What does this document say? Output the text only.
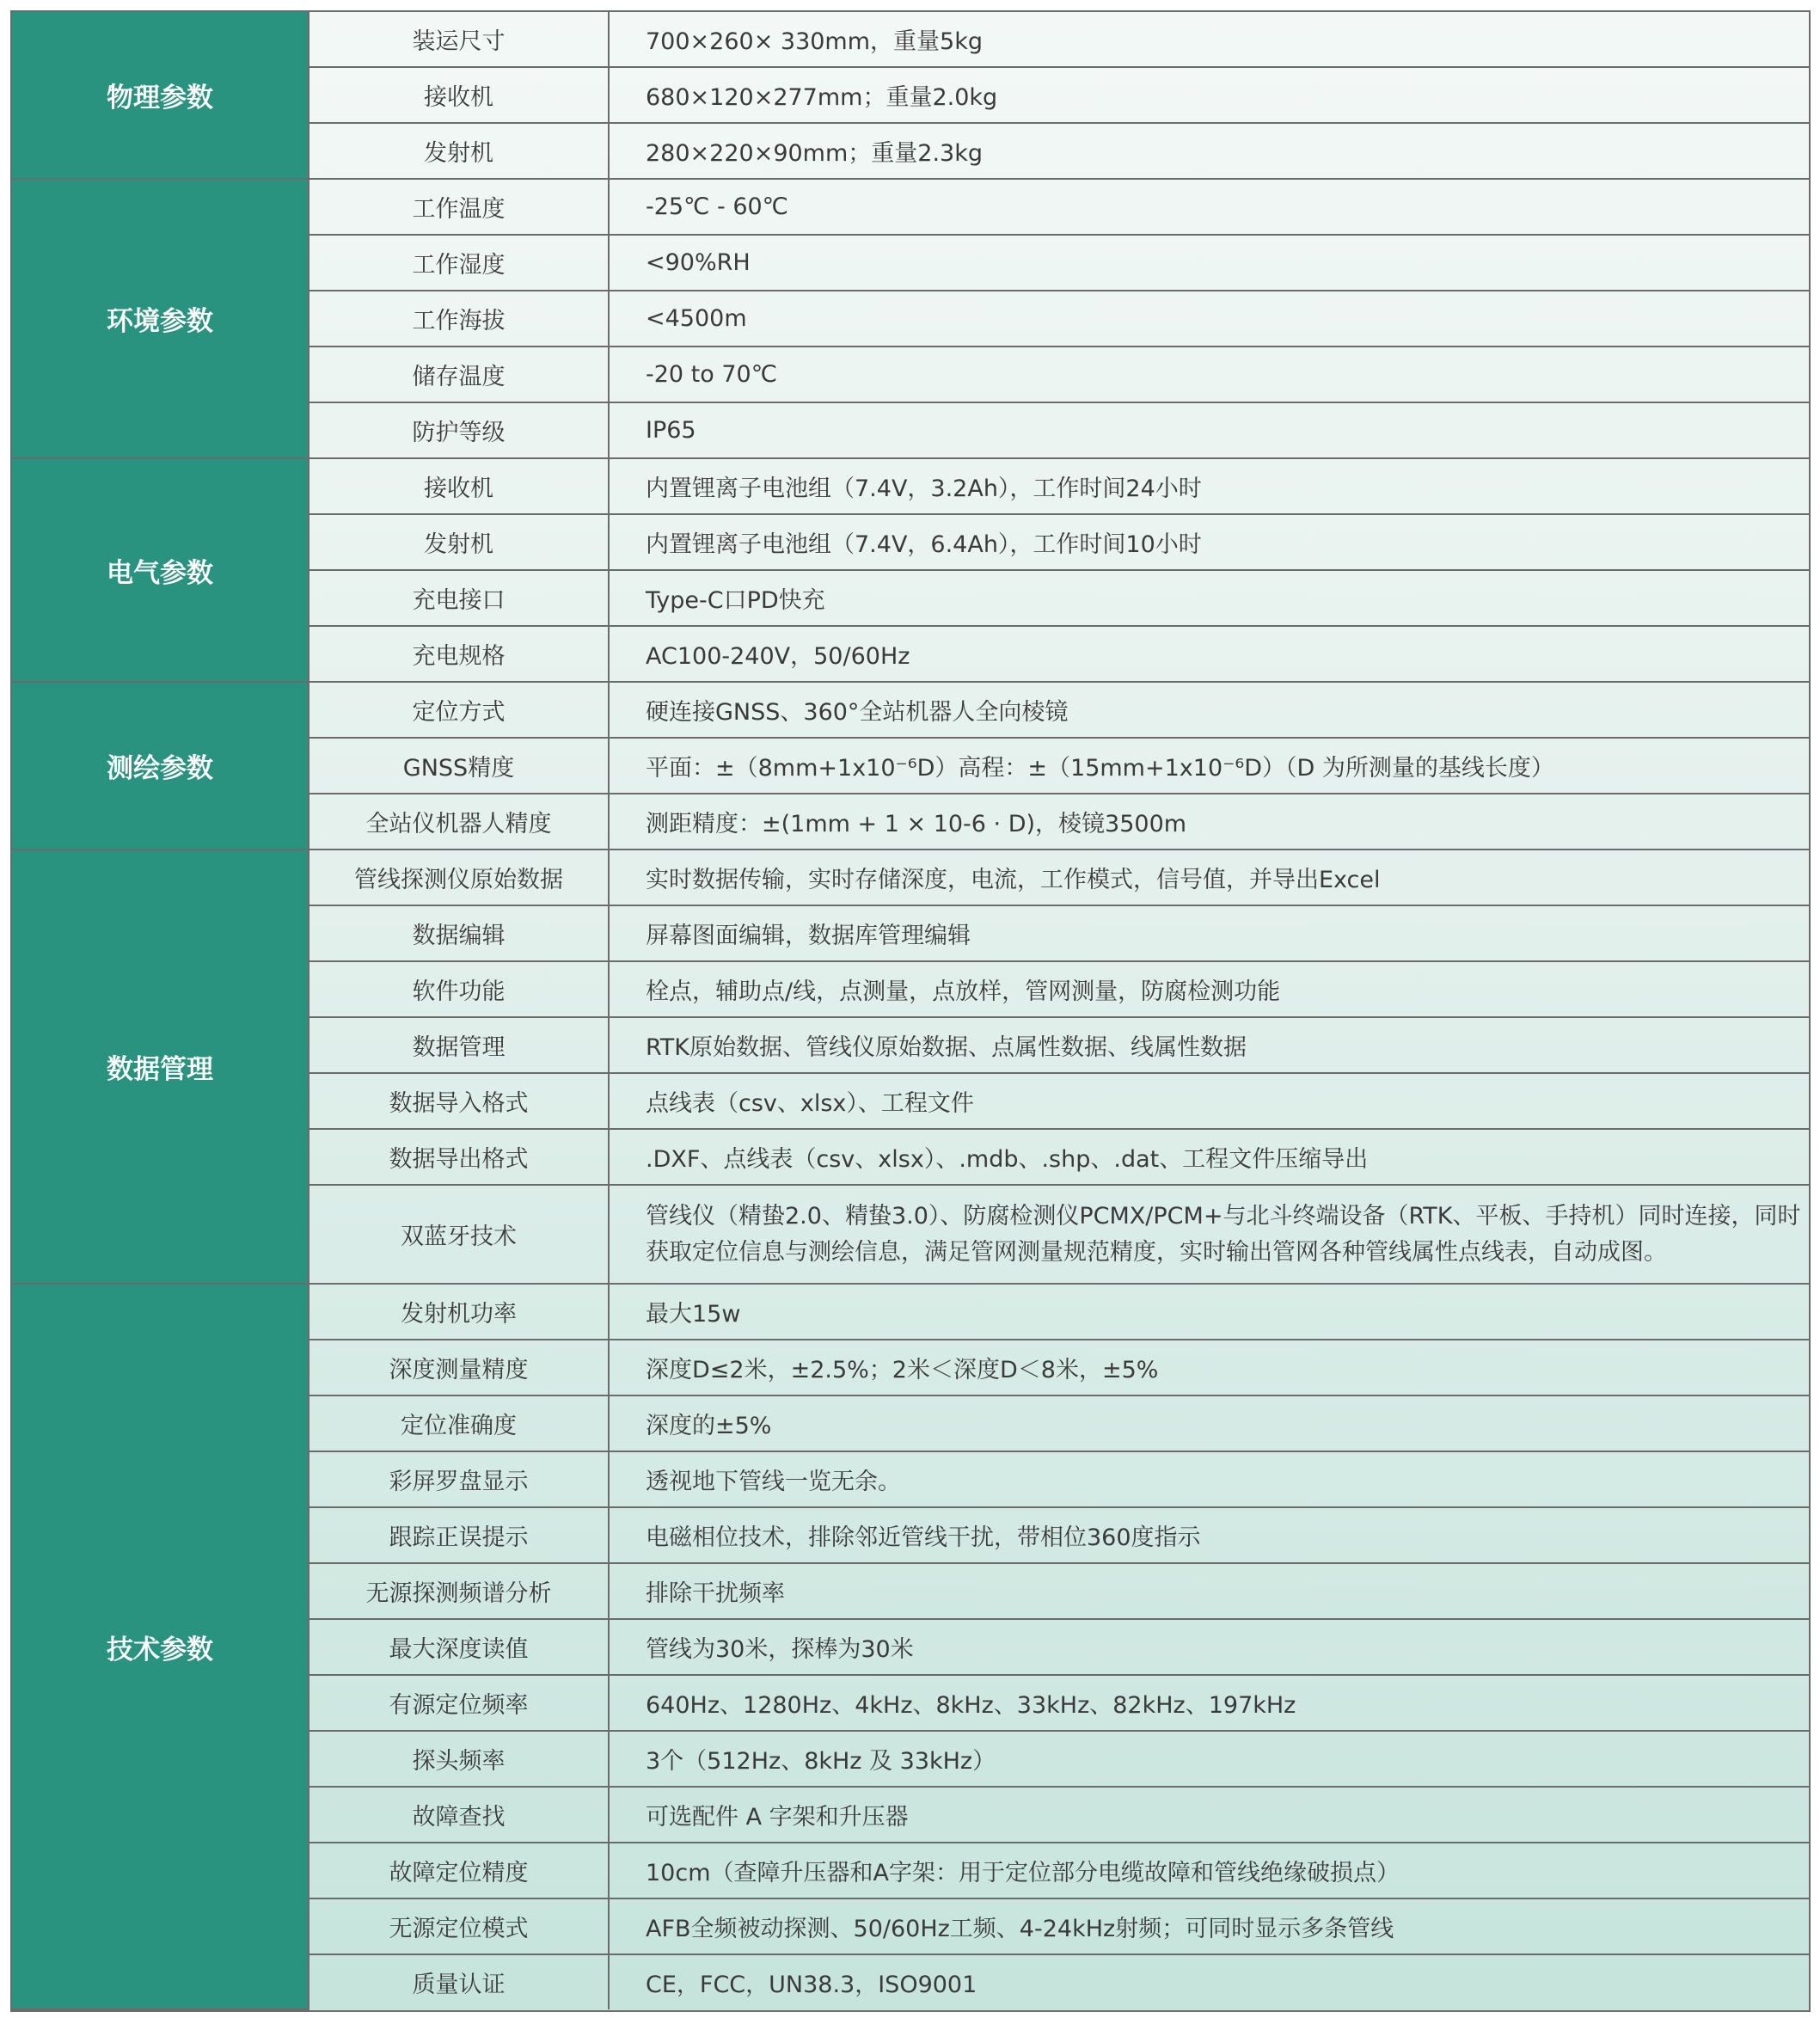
物理参数	装运尺寸	700×260× 330mm，重量5kg
	接收机	680×120×277mm；重量2.0kg
	发射机	280×220×90mm；重量2.3kg
环境参数	工作温度	-25℃ - 60℃
	工作湿度	<90%RH
	工作海拔	<4500m
	储存温度	-20 to 70℃
	防护等级	IP65
电气参数	接收机	内置锂离子电池组（7.4V，3.2Ah），工作时间24小时
	发射机	内置锂离子电池组（7.4V，6.4Ah），工作时间10小时
	充电接口	Type-C口PD快充
	充电规格	AC100-240V，50/60Hz
测绘参数	定位方式	硬连接GNSS、360°全站机器人全向棱镜
	GNSS精度	平面：±（8mm+1x10⁻⁶D）高程：±（15mm+1x10⁻⁶D）（D 为所测量的基线长度）
	全站仪机器人精度	测距精度：±(1mm + 1 × 10-6 · D)，棱镜3500m
数据管理	管线探测仪原始数据	实时数据传输，实时存储深度，电流，工作模式，信号值，并导出Excel
	数据编辑	屏幕图面编辑，数据库管理编辑
	软件功能	栓点，辅助点/线，点测量，点放样，管网测量，防腐检测功能
	数据管理	RTK原始数据、管线仪原始数据、点属性数据、线属性数据
	数据导入格式	点线表（csv、xlsx）、工程文件
	数据导出格式	.DXF、点线表（csv、xlsx）、.mdb、.shp、.dat、工程文件压缩导出
	双蓝牙技术	管线仪（精蛰2.0、精蛰3.0）、防腐检测仪PCMX/PCM+与北斗终端设备（RTK、平板、手持机）同时连接，同时获取定位信息与测绘信息，满足管网测量规范精度，实时输出管网各种管线属性点线表，自动成图。
技术参数	发射机功率	最大15w
	深度测量精度	深度D≤2米，±2.5%；2米＜深度D＜8米，±5%
	定位准确度	深度的±5%
	彩屏罗盘显示	透视地下管线一览无余。
	跟踪正误提示	电磁相位技术，排除邻近管线干扰，带相位360度指示
	无源探测频谱分析	排除干扰频率
	最大深度读值	管线为30米，探棒为30米
	有源定位频率	640Hz、1280Hz、4kHz、8kHz、33kHz、82kHz、197kHz
	探头频率	3个（512Hz、8kHz 及 33kHz）
	故障查找	可选配件 A 字架和升压器
	故障定位精度	10cm（查障升压器和A字架：用于定位部分电缆故障和管线绝缘破损点）
	无源定位模式	AFB全频被动探测、50/60Hz工频、4-24kHz射频；可同时显示多条管线
	质量认证	CE，FCC，UN38.3，ISO9001
